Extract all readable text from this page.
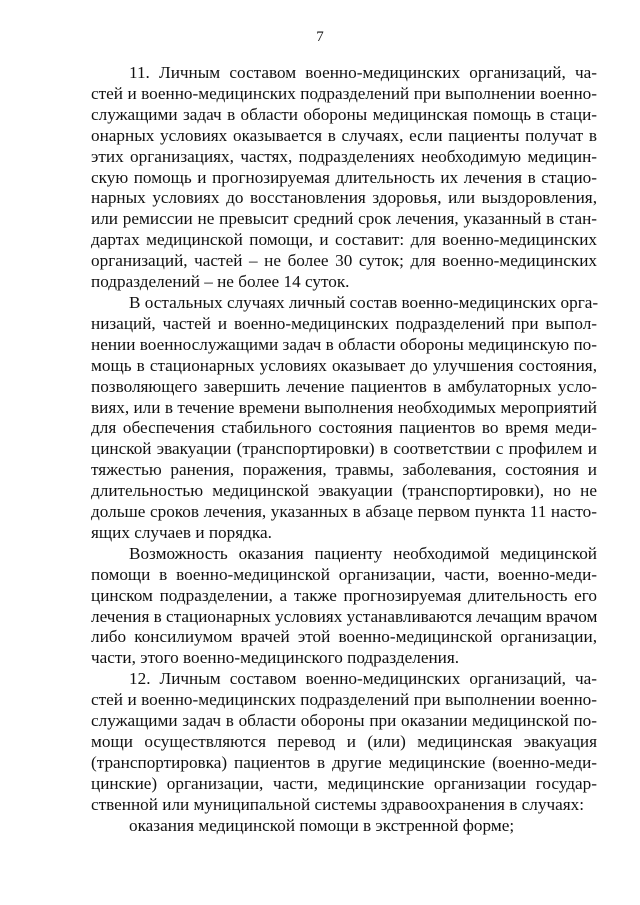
7

11. Личным составом военно-медицинских организаций, ча-
стей и военно-медицинских подразделений при выполнении военно-
служащими задач в области обороны медицинская помощь в стаци-
онарных условиях оказывается в случаях, если пациенты получат в
этих организациях, частях, подразделениях необходимую медицин-
скую помощь и прогнозируемая длительность их лечения в стацио-
нарных условиях до восстановления здоровья, или выздоровления,
или ремиссии не превысит средний срок лечения, указанный в стан-
дартах медицинской помощи, и составит: для военно-медицинских
организаций, частей – не более 30 суток; для военно-медицинских
подразделений – не более 14 суток.

В остальных случаях личный состав военно-медицинских орга-
низаций, частей и военно-медицинских подразделений при выпол-
нении военнослужащими задач в области обороны медицинскую по-
мощь в стационарных условиях оказывает до улучшения состояния,
позволяющего завершить лечение пациентов в амбулаторных усло-
виях, или в течение времени выполнения необходимых мероприятий
для обеспечения стабильного состояния пациентов во время меди-
цинской эвакуации (транспортировки) в соответствии с профилем и
тяжестью ранения, поражения, травмы, заболевания, состояния и
длительностью медицинской эвакуации (транспортировки), но не
дольше сроков лечения, указанных в абзаце первом пункта 11 насто-
ящих случаев и порядка.

Возможность оказания пациенту необходимой медицинской
помощи в военно-медицинской организации, части, военно-меди-
цинском подразделении, а также прогнозируемая длительность его
лечения в стационарных условиях устанавливаются лечащим врачом
либо консилиумом врачей этой военно-медицинской организации,
части, этого военно-медицинского подразделения.

12. Личным составом военно-медицинских организаций, ча-
стей и военно-медицинских подразделений при выполнении военно-
служащими задач в области обороны при оказании медицинской по-
мощи осуществляются перевод и (или) медицинская эвакуация
(транспортировка) пациентов в другие медицинские (военно-меди-
цинские) организации, части, медицинские организации государ-
ственной или муниципальной системы здравоохранения в случаях:

оказания медицинской помощи в экстренной форме;
